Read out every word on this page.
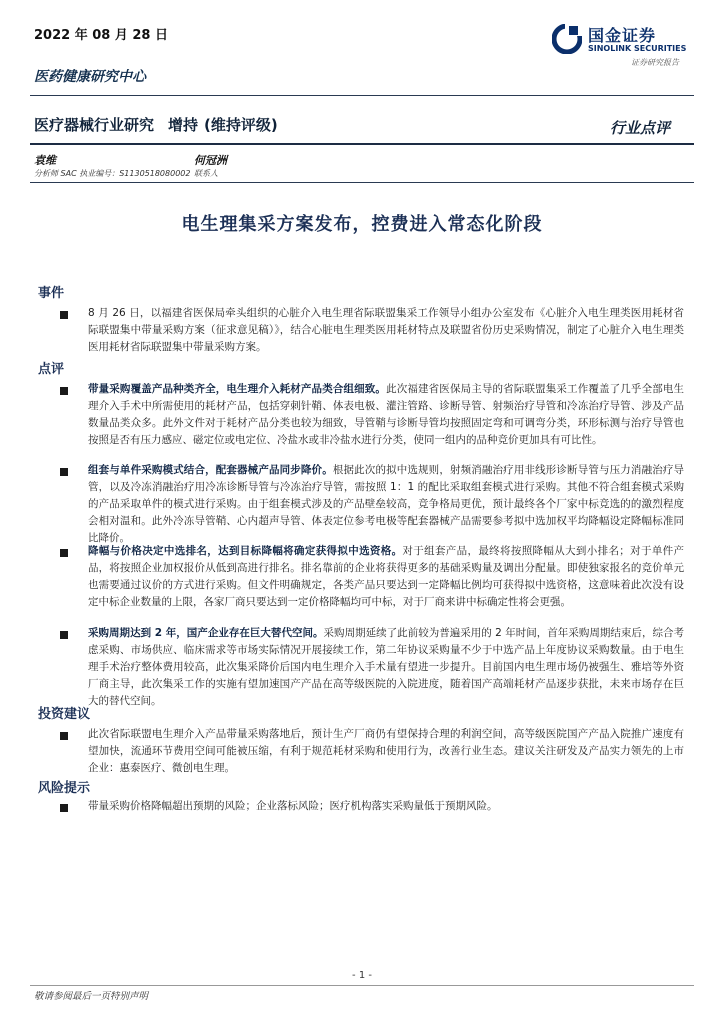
2022 年 08 月 28 日	国金证券
SINOLINK SECURITIES
证券研究报告
医药健康研究中心
医疗器械行业研究 增持 (维持评级)	行业点评
袁维
分析师 SAC 执业编号：S1130518080002
何冠洲
联系人
电生理集采方案发布，控费进入常态化阶段
事件
8 月 26 日，以福建省医保局牵头组织的心脏介入电生理省际联盟集采工作领导小组办公室发布《心脏介入电生理类医用耗材省际联盟集中带量采购方案（征求意见稿）》，结合心脏电生理类医用耗材特点及联盟省份历史采购情况，制定了心脏介入电生理类医用耗材省际联盟集中带量采购方案。
点评
带量采购覆盖产品种类齐全，电生理介入耗材产品类合组细致。此次福建省医保局主导的省际联盟集采工作覆盖了几乎全部电生理介入手术中所需使用的耗材产品，包括穿刺针鞘、体表电极、灌注管路、诊断导管、射频治疗导管和冷冻治疗导管、涉及产品数量品类众多。此外文件对于耗材产品分类也较为细致，导管鞘与诊断导管均按照固定弯和可调弯分类，环形标测与治疗导管也按照是否有压力感应、磁定位或电定位、冷盐水或非冷盐水进行分类，使同一组内的品种竞价更加具有可比性。
组套与单件采购模式结合，配套器械产品同步降价。根据此次的拟中选规则，射频消融治疗用非线形诊断导管与压力消融治疗导管，以及冷冻消融治疗用冷冻诊断导管与冷冻治疗导管，需按照 1：1 的配比采取组套模式进行采购。其他不符合组套模式采购的产品采取单件的模式进行采购。由于组套模式涉及的产品壁垒较高，竞争格局更优，预计最终各个厂家中标竞选的的激烈程度会相对温和。此外冷冻导管鞘、心内超声导管、体表定位参考电极等配套器械产品需要参考拟中选加权平均降幅设定降幅标准同比降价。
降幅与价格决定中选排名，达到目标降幅将确定获得拟中选资格。对于组套产品，最终将按照降幅从大到小排名；对于单件产品，将按照企业加权报价从低到高进行排名。排名靠前的企业将获得更多的基础采购量及调出分配量。即使独家报名的竞价单元也需要通过议价的方式进行采购。但文件明确规定，各类产品只要达到一定降幅比例均可获得拟中选资格，这意味着此次没有设定中标企业数量的上限，各家厂商只要达到一定价格降幅均可中标，对于厂商来讲中标确定性将会更强。
采购周期达到 2 年，国产企业存在巨大替代空间。采购周期延续了此前较为普遍采用的 2 年时间，首年采购周期结束后，综合考虑采购、市场供应、临床需求等市场实际情况开展接续工作，第二年协议采购量不少于中选产品上年度协议采购数量。由于电生理手术治疗整体费用较高，此次集采降价后国内电生理介入手术量有望进一步提升。目前国内电生理市场仍被强生、雅培等外资厂商主导，此次集采工作的实施有望加速国产产品在高等级医院的入院进度，随着国产高端耗材产品逐步获批，未来市场存在巨大的替代空间。
投资建议
此次省际联盟电生理介入产品带量采购落地后，预计生产厂商仍有望保持合理的利润空间，高等级医院国产产品入院推广速度有望加快，流通环节费用空间可能被压缩，有利于规范耗材采购和使用行为，改善行业生态。建议关注研发及产品实力领先的上市企业：惠泰医疗、微创电生理。
风险提示
带量采购价格降幅超出预期的风险；企业落标风险；医疗机构落实采购量低于预期风险。
- 1 -
敬请参阅最后一页特别声明
